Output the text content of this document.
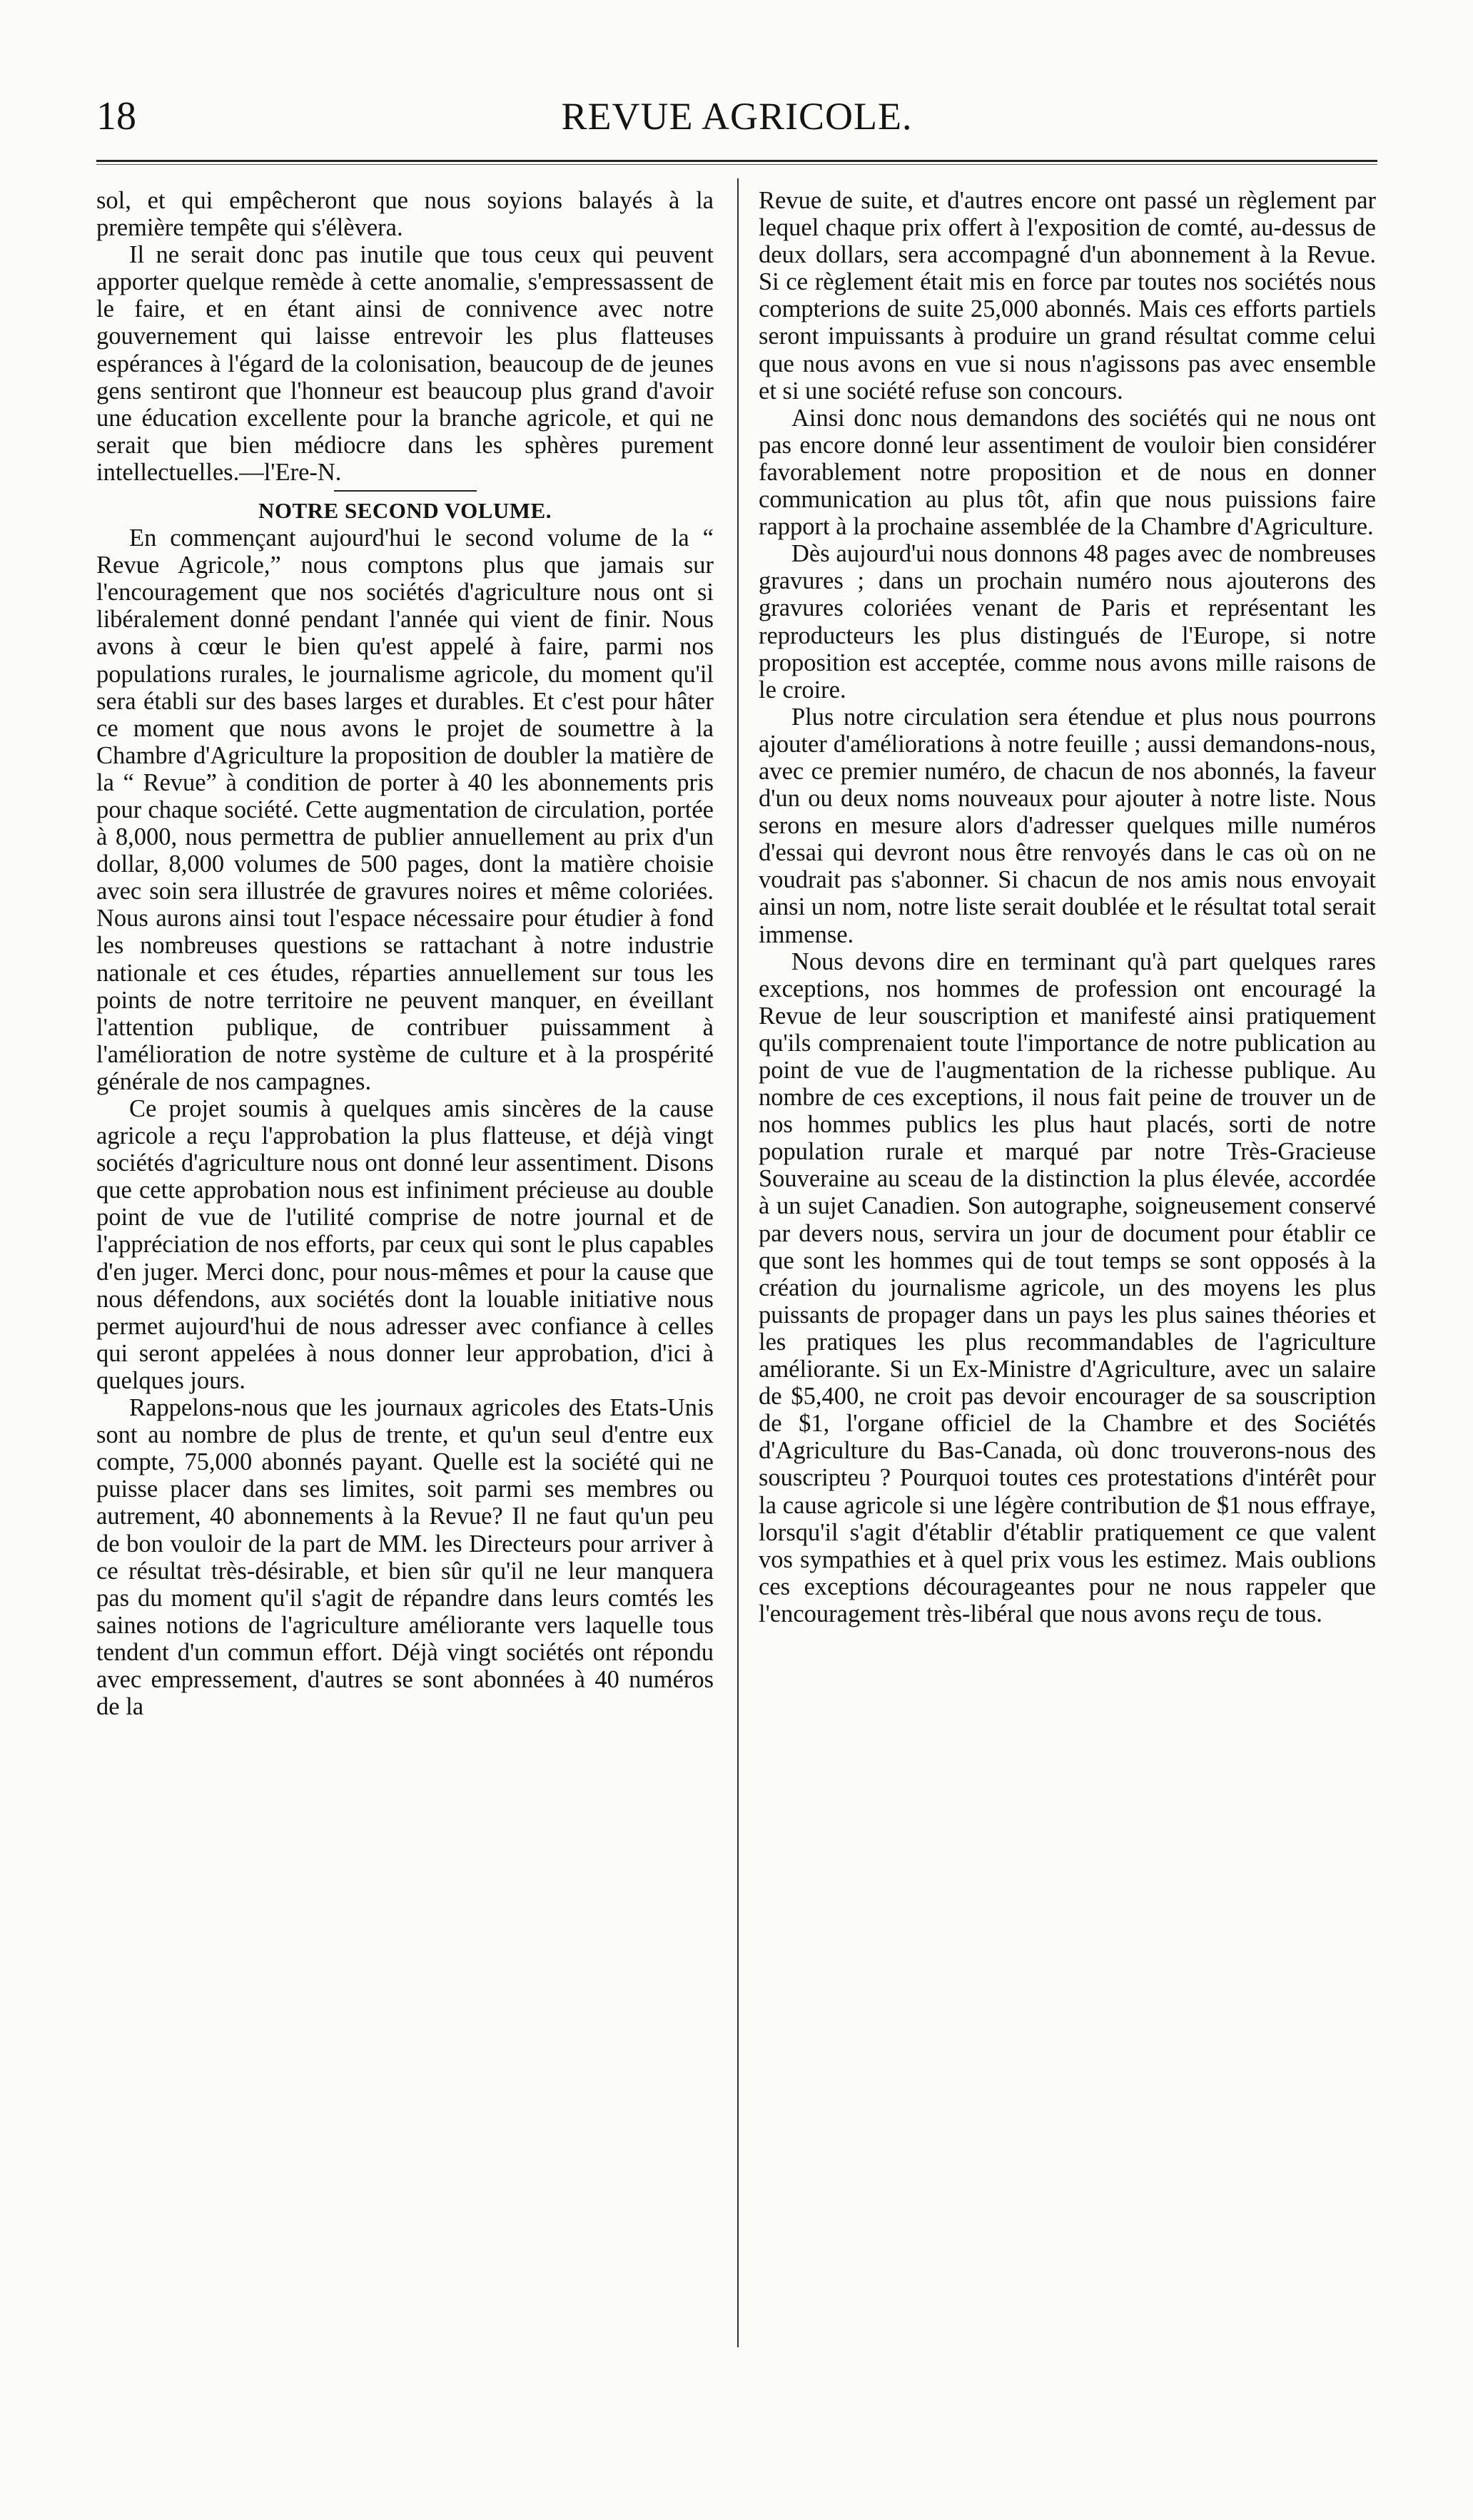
18	REVUE AGRICOLE.

sol, et qui empêcheront que nous soyions balayés à la première tempête qui s'élèvera.

Il ne serait donc pas inutile que tous ceux qui peuvent apporter quelque remède à cette anomalie, s'empressassent de le faire, et en étant ainsi de connivence avec notre gouvernement qui laisse entrevoir les plus flatteuses espérances à l'égard de la colonisation, beaucoup de de jeunes gens sentiront que l'honneur est beaucoup plus grand d'avoir une éducation excellente pour la branche agricole, et qui ne serait que bien médiocre dans les sphères purement intellectuelles.—l'Ere-N.

NOTRE SECOND VOLUME.

En commençant aujourd'hui le second volume de la “ Revue Agricole,” nous comptons plus que jamais sur l'encouragement que nos sociétés d'agriculture nous ont si libéralement donné pendant l'année qui vient de finir. Nous avons à cœur le bien qu'est appelé à faire, parmi nos populations rurales, le journalisme agricole, du moment qu'il sera établi sur des bases larges et durables. Et c'est pour hâter ce moment que nous avons le projet de soumettre à la Chambre d'Agriculture la proposition de doubler la matière de la “ Revue” à condition de porter à 40 les abonnements pris pour chaque société. Cette augmentation de circulation, portée à 8,000, nous permettra de publier annuellement au prix d'un dollar, 8,000 volumes de 500 pages, dont la matière choisie avec soin sera illustrée de gravures noires et même coloriées. Nous aurons ainsi tout l'espace nécessaire pour étudier à fond les nombreuses questions se rattachant à notre industrie nationale et ces études, réparties annuellement sur tous les points de notre territoire ne peuvent manquer, en éveillant l'attention publique, de contribuer puissamment à l'amélioration de notre système de culture et à la prospérité générale de nos campagnes.

Ce projet soumis à quelques amis sincères de la cause agricole a reçu l'approbation la plus flatteuse, et déjà vingt sociétés d'agriculture nous ont donné leur assentiment. Disons que cette approbation nous est infiniment précieuse au double point de vue de l'utilité comprise de notre journal et de l'appréciation de nos efforts, par ceux qui sont le plus capables d'en juger. Merci donc, pour nous-mêmes et pour la cause que nous défendons, aux sociétés dont la louable initiative nous permet aujourd'hui de nous adresser avec confiance à celles qui seront appelées à nous donner leur approbation, d'ici à quelques jours.

Rappelons-nous que les journaux agricoles des Etats-Unis sont au nombre de plus de trente, et qu'un seul d'entre eux compte, 75,000 abonnés payant. Quelle est la société qui ne puisse placer dans ses limites, soit parmi ses membres ou autrement, 40 abonnements à la Revue? Il ne faut qu'un peu de bon vouloir de la part de MM. les Directeurs pour arriver à ce résultat très-désirable, et bien sûr qu'il ne leur manquera pas du moment qu'il s'agit de répandre dans leurs comtés les saines notions de l'agriculture améliorante vers laquelle tous tendent d'un commun effort. Déjà vingt sociétés ont répondu avec empressement, d'autres se sont abonnées à 40 numéros de la

Revue de suite, et d'autres encore ont passé un règlement par lequel chaque prix offert à l'exposition de comté, au-dessus de deux dollars, sera accompagné d'un abonnement à la Revue. Si ce règlement était mis en force par toutes nos sociétés nous compterions de suite 25,000 abonnés. Mais ces efforts partiels seront impuissants à produire un grand résultat comme celui que nous avons en vue si nous n'agissons pas avec ensemble et si une société refuse son concours.

Ainsi donc nous demandons des sociétés qui ne nous ont pas encore donné leur assentiment de vouloir bien considérer favorablement notre proposition et de nous en donner communication au plus tôt, afin que nous puissions faire rapport à la prochaine assemblée de la Chambre d'Agriculture.

Dès aujourd'ui nous donnons 48 pages avec de nombreuses gravures ; dans un prochain numéro nous ajouterons des gravures coloriées venant de Paris et représentant les reproducteurs les plus distingués de l'Europe, si notre proposition est acceptée, comme nous avons mille raisons de le croire.

Plus notre circulation sera étendue et plus nous pourrons ajouter d'améliorations à notre feuille ; aussi demandons-nous, avec ce premier numéro, de chacun de nos abonnés, la faveur d'un ou deux noms nouveaux pour ajouter à notre liste. Nous serons en mesure alors d'adresser quelques mille numéros d'essai qui devront nous être renvoyés dans le cas où on ne voudrait pas s'abonner. Si chacun de nos amis nous envoyait ainsi un nom, notre liste serait doublée et le résultat total serait immense.

Nous devons dire en terminant qu'à part quelques rares exceptions, nos hommes de profession ont encouragé la Revue de leur souscription et manifesté ainsi pratiquement qu'ils comprenaient toute l'importance de notre publication au point de vue de l'augmentation de la richesse publique. Au nombre de ces exceptions, il nous fait peine de trouver un de nos hommes publics les plus haut placés, sorti de notre population rurale et marqué par notre Très-Gracieuse Souveraine au sceau de la distinction la plus élevée, accordée à un sujet Canadien. Son autographe, soigneusement conservé par devers nous, servira un jour de document pour établir ce que sont les hommes qui de tout temps se sont opposés à la création du journalisme agricole, un des moyens les plus puissants de propager dans un pays les plus saines théories et les pratiques les plus recommandables de l'agriculture améliorante. Si un Ex-Ministre d'Agriculture, avec un salaire de $5,400, ne croit pas devoir encourager de sa souscription de $1, l'organe officiel de la Chambre et des Sociétés d'Agriculture du Bas-Canada, où donc trouverons-nous des souscripteu ? Pourquoi toutes ces protestations d'intérêt pour la cause agricole si une légère contribution de $1 nous effraye, lorsqu'il s'agit d'établir d'établir pratiquement ce que valent vos sympathies et à quel prix vous les estimez. Mais oublions ces exceptions décourageantes pour ne nous rappeler que l'encouragement très-libéral que nous avons reçu de tous.
